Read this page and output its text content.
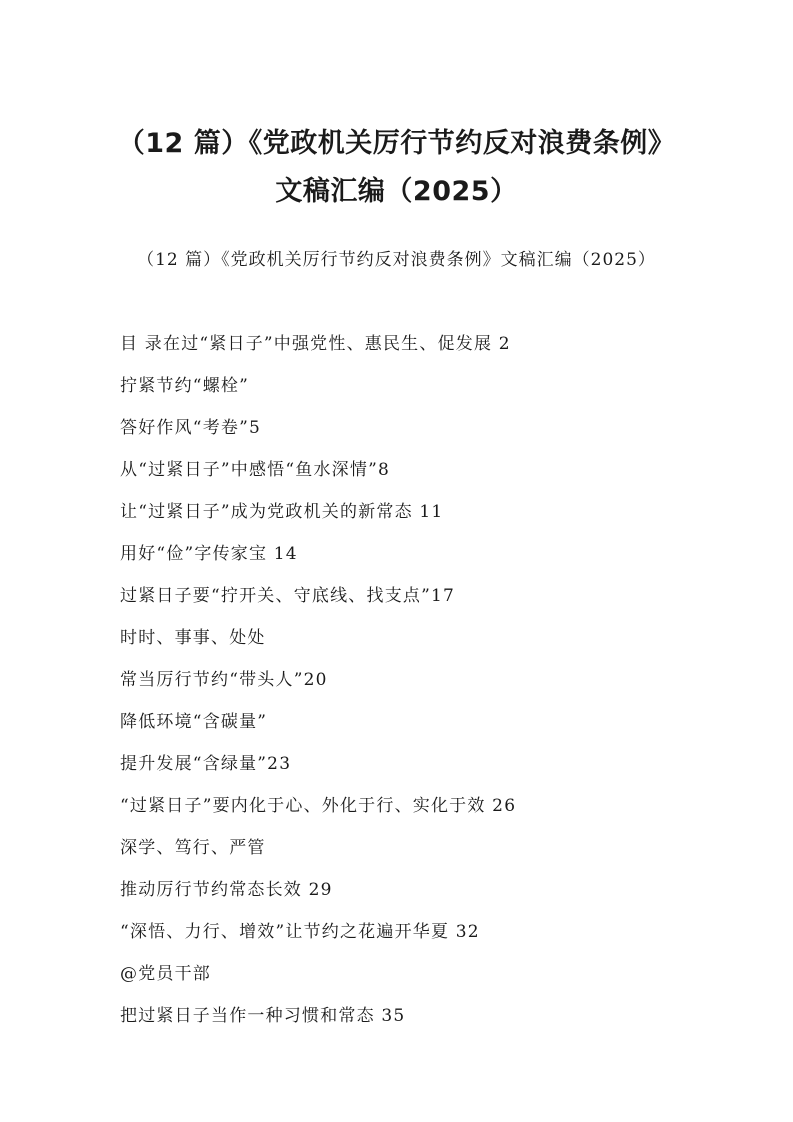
（12 篇）《党政机关厉行节约反对浪费条例》
文稿汇编（2025）
（12 篇）《党政机关厉行节约反对浪费条例》文稿汇编（2025）
目 录在过“紧日子”中强党性、惠民生、促发展 2
拧紧节约“螺栓”
答好作风“考卷”5
从“过紧日子”中感悟“鱼水深情”8
让“过紧日子”成为党政机关的新常态 11
用好“俭”字传家宝 14
过紧日子要“拧开关、守底线、找支点”17
时时、事事、处处
常当厉行节约“带头人”20
降低环境“含碳量”
提升发展“含绿量”23
“过紧日子”要内化于心、外化于行、实化于效 26
深学、笃行、严管
推动厉行节约常态长效 29
“深悟、力行、增效”让节约之花遍开华夏 32
@党员干部
把过紧日子当作一种习惯和常态 35
